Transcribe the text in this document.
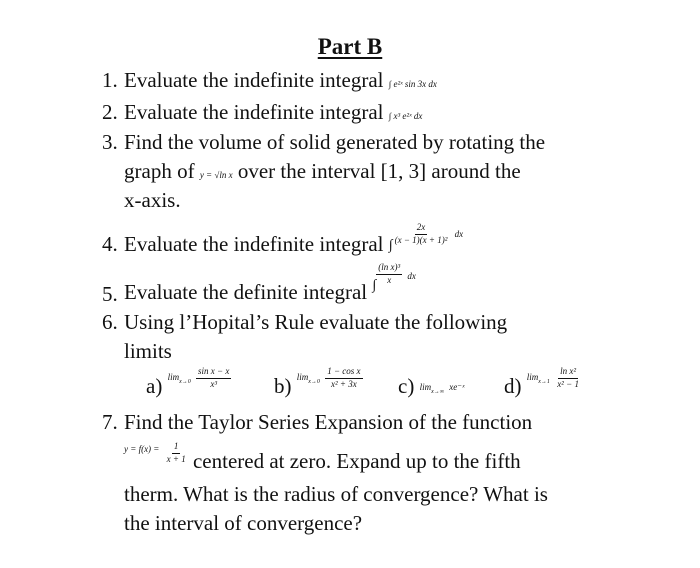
Part B
1. Evaluate the indefinite integral ∫ e²ˣ sin 3x dx
2. Evaluate the indefinite integral ∫ x³ e²ˣ dx
3. Find the volume of solid generated by rotating the
graph of y = √ln x over the interval [1, 3] around the
x-axis.
4. Evaluate the indefinite integral $_\int \frac{2x}{\text{(x − 1)(x + 1)²}}$ dx
5. Evaluate the definite integral $_\int \frac{\text{(ln x)³}}{x}$ dx
6. Using l’Hopital’s Rule evaluate the following
limits
a) $\lim_{x\to 0} \frac{\text{sin x − x}}{\text{x³}} b$) $\lim_{x\to 0} \frac{\text{1 − cos x}}{\text{x² + 3x}} c$) $\lim_{x\to\infty}$ xe⁻ˣ d) $\lim_{x\to 1} \frac{\text{ln x²}}{\text{x² − 1}}$
7. Find the Taylor Series Expansion of the function
$^{y = f(x) =} \frac{1}{x + 1}$ centered at zero. Expand up to the fifth
therm. What is the radius of convergence? What is
the interval of convergence?
